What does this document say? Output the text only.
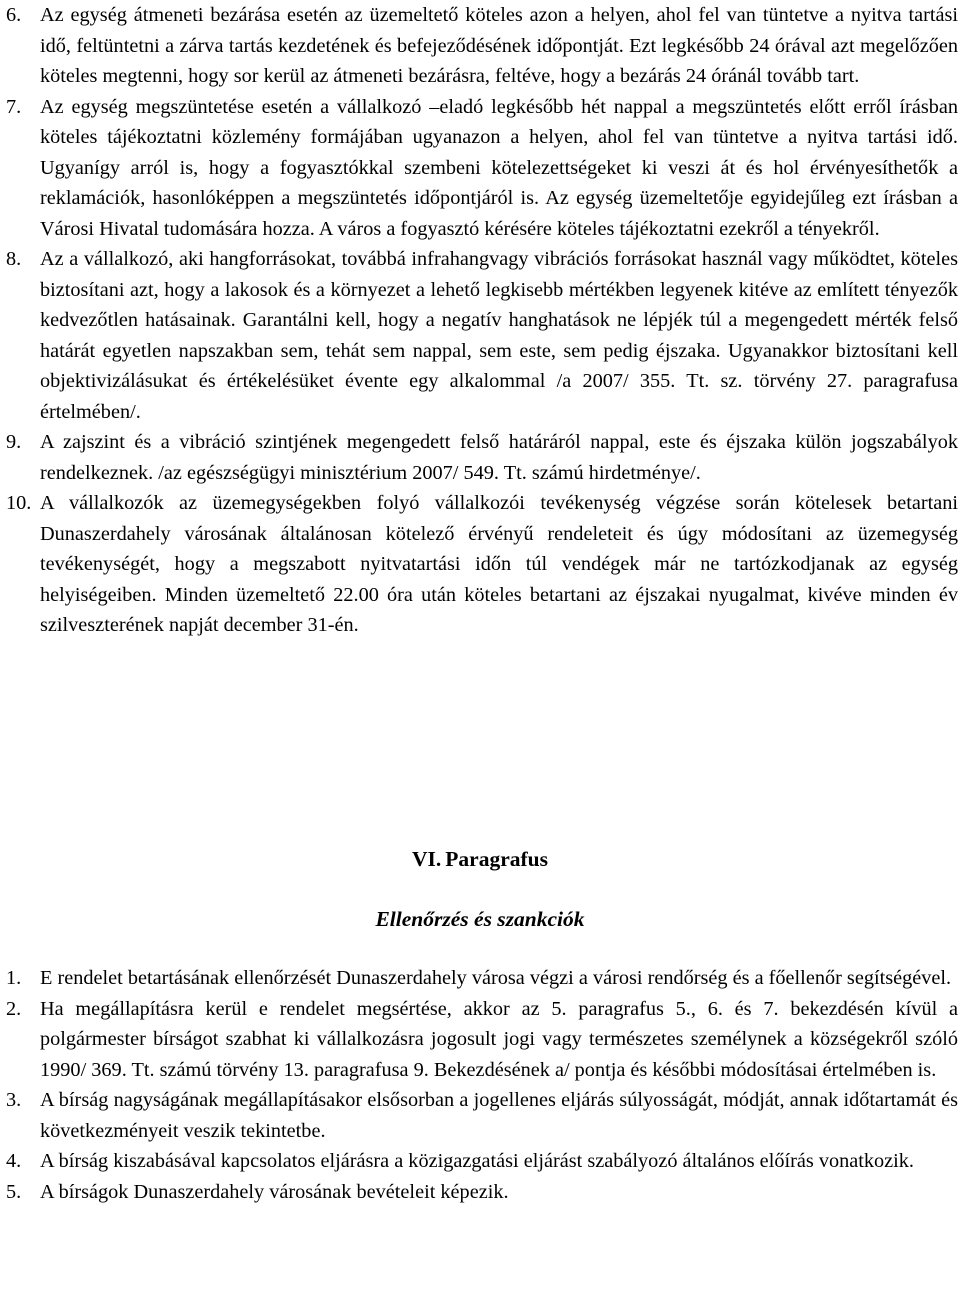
6. Az egység átmeneti bezárása esetén az üzemeltető köteles azon a helyen, ahol fel van tüntetve a nyitva tartási idő, feltüntetni a zárva tartás kezdetének és befejeződésének időpontját. Ezt legkésőbb 24 órával azt megelőzően köteles megtenni, hogy sor kerül az átmeneti bezárásra, feltéve, hogy a bezárás 24 óránál tovább tart.
7. Az egység megszüntetése esetén a vállalkozó –eladó legkésőbb hét nappal a megszüntetés előtt erről írásban köteles tájékoztatni közlemény formájában ugyanazon a helyen, ahol fel van tüntetve a nyitva tartási idő. Ugyanígy arról is, hogy a fogyasztókkal szembeni kötelezettségeket ki veszi át és hol érvényesíthetők a reklamációk, hasonlóképpen a megszüntetés időpontjáról is. Az egység üzemeltetője egyidejűleg ezt írásban a Városi Hivatal tudomására hozza. A város a fogyasztó kérésére köteles tájékoztatni ezekről a tényekről.
8. Az a vállalkozó, aki hangforrásokat, továbbá infrahangvagy vibrációs forrásokat használ vagy működtet, köteles biztosítani azt, hogy a lakosok és a környezet a lehető legkisebb mértékben legyenek kitéve az említett tényezők kedvezőtlen hatásainak. Garantálni kell, hogy a negatív hanghatások ne lépjék túl a megengedett mérték felső határát egyetlen napszakban sem, tehát sem nappal, sem este, sem pedig éjszaka. Ugyanakkor biztosítani kell objektivizálásukat és értékelésüket évente egy alkalommal /a 2007/ 355. Tt. sz. törvény 27. paragrafusa értelmében/.
9. A zajszint és a vibráció szintjének megengedett felső határáról nappal, este és éjszaka külön jogszabályok rendelkeznek. /az egészségügyi minisztérium 2007/ 549. Tt. számú hirdetménye/.
10. A vállalkozók az üzemegységekben folyó vállalkozói tevékenység végzése során kötelesek betartani Dunaszerdahely városának általánosan kötelező érvényű rendeleteit és úgy módosítani az üzemegység tevékenységét, hogy a megszabott nyitvatartási időn túl vendégek már ne tartózkodjanak az egység helyiségeiben. Minden üzemeltető 22.00 óra után köteles betartani az éjszakai nyugalmat, kivéve minden év szilveszterének napját december 31-én.
VI. Paragrafus
Ellenőrzés és szankciók
1. E rendelet betartásának ellenőrzését Dunaszerdahely városa végzi a városi rendőrség és a főellenőr segítségével.
2. Ha megállapításra kerül e rendelet megsértése, akkor az 5. paragrafus 5., 6. és 7. bekezdésén kívül a polgármester bírságot szabhat ki vállalkozásra jogosult jogi vagy természetes személynek a községekről szóló 1990/ 369. Tt. számú törvény 13. paragrafusa 9. Bekezdésének a/ pontja és későbbi módosításai értelmében is.
3. A bírság nagyságának megállapításakor elsősorban a jogellenes eljárás súlyosságát, módját, annak időtartamát és következményeit veszik tekintetbe.
4. A bírság kiszabásával kapcsolatos eljárásra a közigazgatási eljárást szabályozó általános előírás vonatkozik.
5. A bírságok Dunaszerdahely városának bevételeit képezik.
